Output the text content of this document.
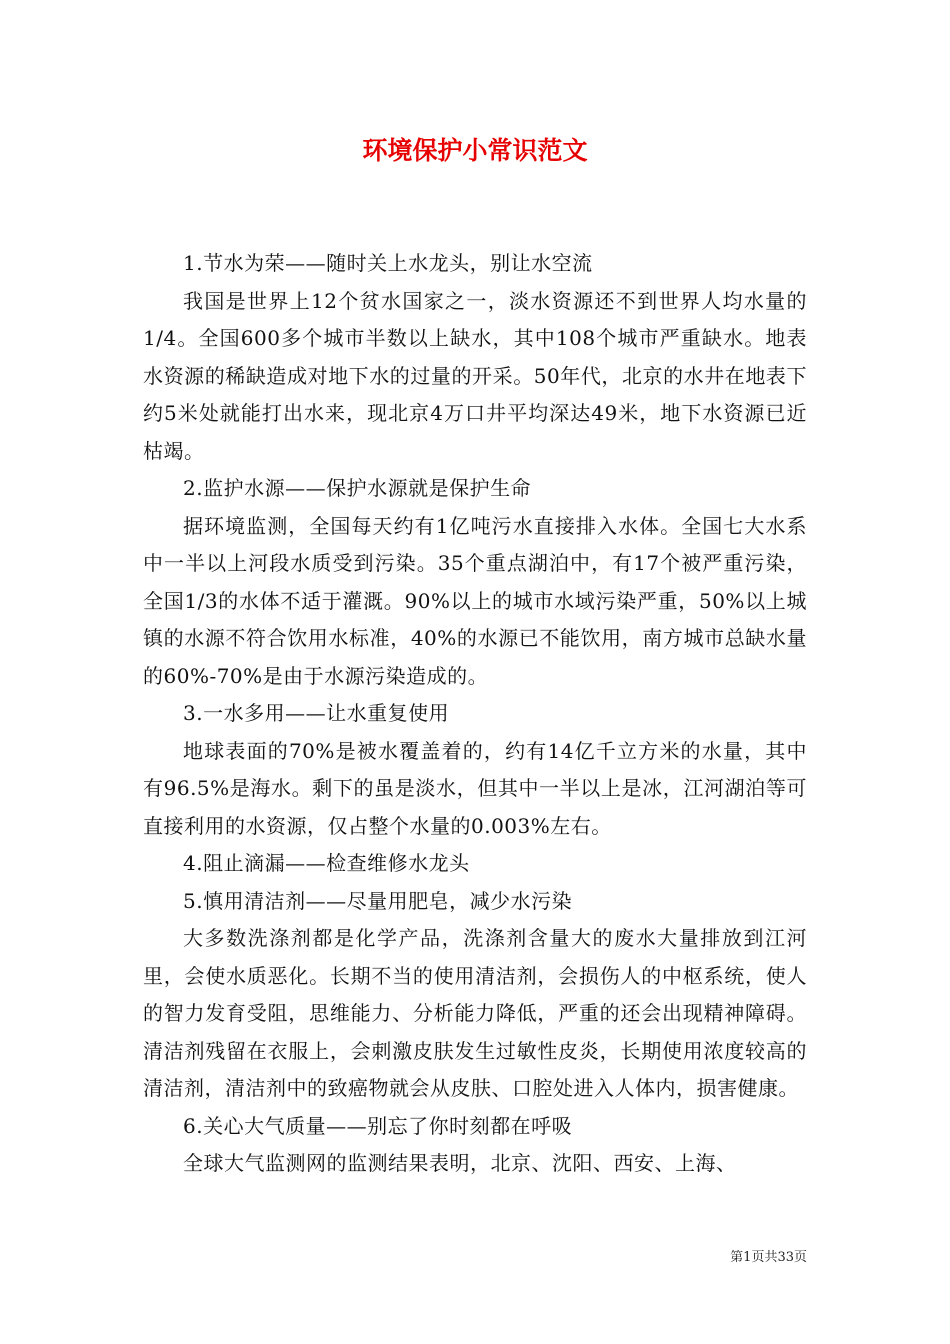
环境保护小常识范文

1.节水为荣——随时关上水龙头，别让水空流

我国是世界上12个贫水国家之一，淡水资源还不到世界人均水量的1/4。全国600多个城市半数以上缺水，其中108个城市严重缺水。地表水资源的稀缺造成对地下水的过量的开采。50年代，北京的水井在地表下约5米处就能打出水来，现北京4万口井平均深达49米，地下水资源已近枯竭。

2.监护水源——保护水源就是保护生命

据环境监测，全国每天约有1亿吨污水直接排入水体。全国七大水系中一半以上河段水质受到污染。35个重点湖泊中，有17个被严重污染，全国1/3的水体不适于灌溉。90%以上的城市水域污染严重，50%以上城镇的水源不符合饮用水标准，40%的水源已不能饮用，南方城市总缺水量的60%-70%是由于水源污染造成的。

3.一水多用——让水重复使用

地球表面的70%是被水覆盖着的，约有14亿千立方米的水量，其中有96.5%是海水。剩下的虽是淡水，但其中一半以上是冰，江河湖泊等可直接利用的水资源，仅占整个水量的0.003%左右。

4.阻止滴漏——检查维修水龙头

5.慎用清洁剂——尽量用肥皂，减少水污染

大多数洗涤剂都是化学产品，洗涤剂含量大的废水大量排放到江河里，会使水质恶化。长期不当的使用清洁剂，会损伤人的中枢系统，使人的智力发育受阻，思维能力、分析能力降低，严重的还会出现精神障碍。清洁剂残留在衣服上，会刺激皮肤发生过敏性皮炎，长期使用浓度较高的清洁剂，清洁剂中的致癌物就会从皮肤、口腔处进入人体内，损害健康。

6.关心大气质量——别忘了你时刻都在呼吸

全球大气监测网的监测结果表明，北京、沈阳、西安、上海、

第1页共33页
